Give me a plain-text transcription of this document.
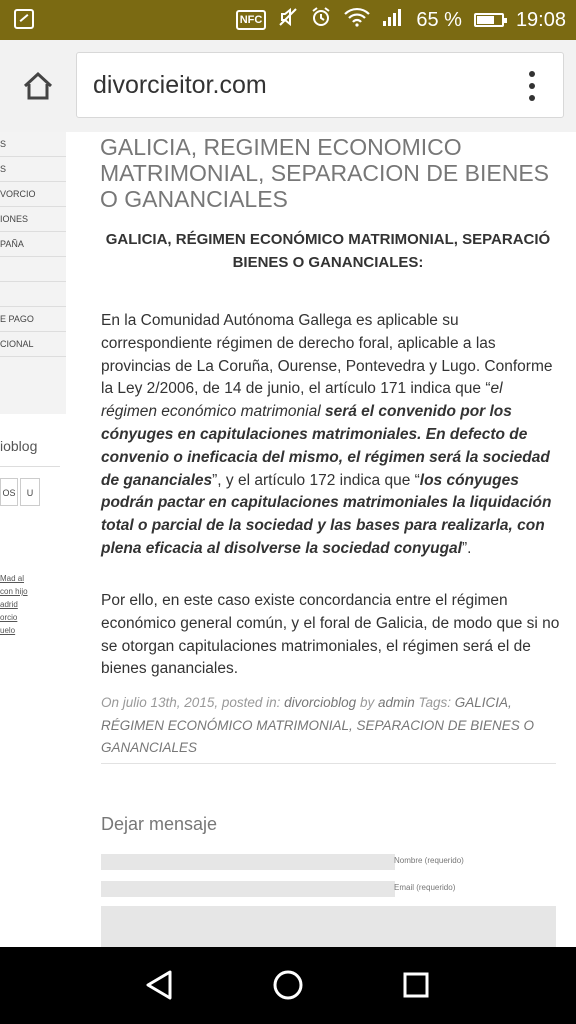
NFC	65 %	19:08
divorcieitor.com
S
S
VORCIO
IONES
PAÑA
E PAGO
CIONAL
ioblog
OS	U
Mad al
con hijo
adrid
orcio
uelo
GALICIA, REGIMEN ECONOMICO MATRIMONIAL, SEPARACION DE BIENES O GANANCIALES
GALICIA, RÉGIMEN ECONÓMICO MATRIMONIAL, SEPARACIÓ BIENES O GANANCIALES:
En la Comunidad Autónoma Gallega es aplicable su correspondiente régimen de derecho foral, aplicable a las provincias de La Coruña, Ourense, Pontevedra y Lugo. Conforme la Ley 2/2006, de 14 de junio, el artículo 171 indica que “el régimen económico matrimonial será el convenido por los cónyuges en capitulaciones matrimoniales. En defecto de convenio o ineficacia del mismo, el régimen será la sociedad de gananciales”, y el artículo 172 indica que “los cónyuges podrán pactar en capitulaciones matrimoniales la liquidación total o parcial de la sociedad y las bases para realizarla, con plena eficacia al disolverse la sociedad conyugal”.
Por ello, en este caso existe concordancia entre el régimen económico general común, y el foral de Galicia, de modo que si no se otorgan capitulaciones matrimoniales, el régimen será el de bienes gananciales.
On julio 13th, 2015, posted in: divorcioblog by admin Tags: GALICIA, RÉGIMEN ECONÓMICO MATRIMONIAL, SEPARACION DE BIENES O GANANCIALES
Dejar mensaje
Nombre (requerido)
Email (requerido)
